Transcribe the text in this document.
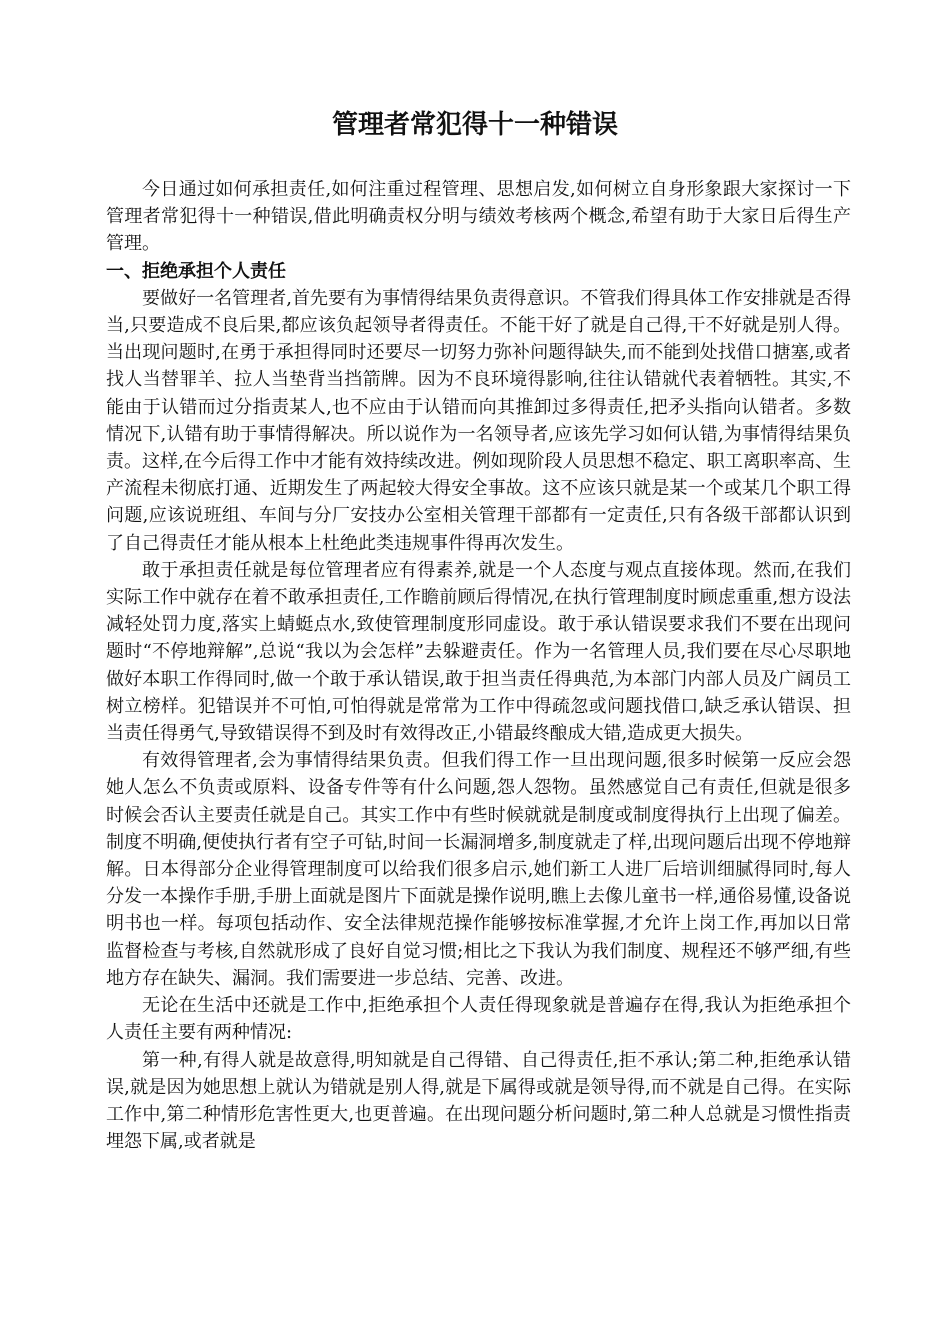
管理者常犯得十一种错误

今日通过如何承担责任,如何注重过程管理、思想启发,如何树立自身形象跟大家探讨一下管理者常犯得十一种错误,借此明确责权分明与绩效考核两个概念,希望有助于大家日后得生产管理。

一、拒绝承担个人责任

要做好一名管理者,首先要有为事情得结果负责得意识。不管我们得具体工作安排就是否得当,只要造成不良后果,都应该负起领导者得责任。不能干好了就是自己得,干不好就是别人得。当出现问题时,在勇于承担得同时还要尽一切努力弥补问题得缺失,而不能到处找借口搪塞,或者找人当替罪羊、拉人当垫背当挡箭牌。因为不良环境得影响,往往认错就代表着牺牲。其实,不能由于认错而过分指责某人,也不应由于认错而向其推卸过多得责任,把矛头指向认错者。多数情况下,认错有助于事情得解决。所以说作为一名领导者,应该先学习如何认错,为事情得结果负责。这样,在今后得工作中才能有效持续改进。例如现阶段人员思想不稳定、职工离职率高、生产流程未彻底打通、近期发生了两起较大得安全事故。这不应该只就是某一个或某几个职工得问题,应该说班组、车间与分厂安技办公室相关管理干部都有一定责任,只有各级干部都认识到了自己得责任才能从根本上杜绝此类违规事件得再次发生。

敢于承担责任就是每位管理者应有得素养,就是一个人态度与观点直接体现。然而,在我们实际工作中就存在着不敢承担责任,工作瞻前顾后得情况,在执行管理制度时顾虑重重,想方设法减轻处罚力度,落实上蜻蜓点水,致使管理制度形同虚设。敢于承认错误要求我们不要在出现问题时“不停地辩解”,总说“我以为会怎样”去躲避责任。作为一名管理人员,我们要在尽心尽职地做好本职工作得同时,做一个敢于承认错误,敢于担当责任得典范,为本部门内部人员及广阔员工树立榜样。犯错误并不可怕,可怕得就是常常为工作中得疏忽或问题找借口,缺乏承认错误、担当责任得勇气,导致错误得不到及时有效得改正,小错最终酿成大错,造成更大损失。

有效得管理者,会为事情得结果负责。但我们得工作一旦出现问题,很多时候第一反应会怨她人怎么不负责或原料、设备专件等有什么问题,怨人怨物。虽然感觉自己有责任,但就是很多时候会否认主要责任就是自己。其实工作中有些时候就就是制度或制度得执行上出现了偏差。制度不明确,便使执行者有空子可钻,时间一长漏洞增多,制度就走了样,出现问题后出现不停地辩解。日本得部分企业得管理制度可以给我们很多启示,她们新工人进厂后培训细腻得同时,每人分发一本操作手册,手册上面就是图片下面就是操作说明,瞧上去像儿童书一样,通俗易懂,设备说明书也一样。每项包括动作、安全法律规范操作能够按标准掌握,才允许上岗工作,再加以日常监督检查与考核,自然就形成了良好自觉习惯;相比之下我认为我们制度、规程还不够严细,有些地方存在缺失、漏洞。我们需要进一步总结、完善、改进。

无论在生活中还就是工作中,拒绝承担个人责任得现象就是普遍存在得,我认为拒绝承担个人责任主要有两种情况:

第一种,有得人就是故意得,明知就是自己得错、自己得责任,拒不承认;第二种,拒绝承认错误,就是因为她思想上就认为错就是别人得,就是下属得或就是领导得,而不就是自己得。在实际工作中,第二种情形危害性更大,也更普遍。在出现问题分析问题时,第二种人总就是习惯性指责埋怨下属,或者就是
